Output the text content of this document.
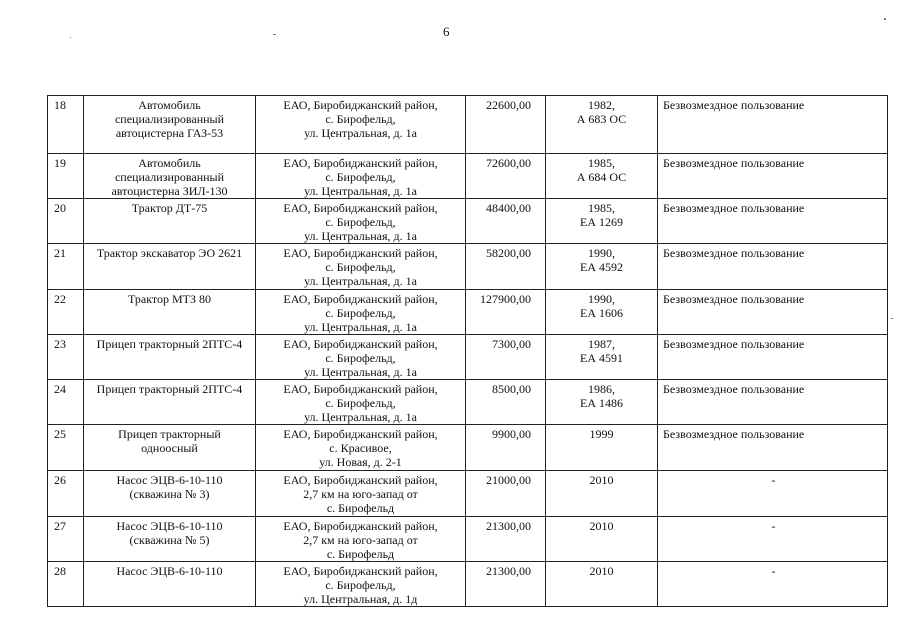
6
18	Автомобиль
специализированный
автоцистерна ГАЗ-53	ЕАО, Биробиджанский район,
с. Бирофельд,
ул. Центральная, д. 1а	22600,00	1982,
А 683 ОС	Безвозмездное пользование
19	Автомобиль
специализированный
автоцистерна ЗИЛ-130	ЕАО, Биробиджанский район,
с. Бирофельд,
ул. Центральная, д. 1а	72600,00	1985,
А 684 ОС	Безвозмездное пользование
20	Трактор ДТ-75	ЕАО, Биробиджанский район,
с. Бирофельд,
ул. Центральная, д. 1а	48400,00	1985,
ЕА 1269	Безвозмездное пользование
21	Трактор экскаватор ЭО 2621	ЕАО, Биробиджанский район,
с. Бирофельд,
ул. Центральная, д. 1а	58200,00	1990,
ЕА 4592	Безвозмездное пользование
22	Трактор МТЗ 80	ЕАО, Биробиджанский район,
с. Бирофельд,
ул. Центральная, д. 1а	127900,00	1990,
ЕА 1606	Безвозмездное пользование
23	Прицеп тракторный 2ПТС-4	ЕАО, Биробиджанский район,
с. Бирофельд,
ул. Центральная, д. 1а	7300,00	1987,
ЕА 4591	Безвозмездное пользование
24	Прицеп тракторный 2ПТС-4	ЕАО, Биробиджанский район,
с. Бирофельд,
ул. Центральная, д. 1а	8500,00	1986,
ЕА 1486	Безвозмездное пользование
25	Прицеп тракторный
одноосный	ЕАО, Биробиджанский район,
с. Красивое,
ул. Новая, д. 2-1	9900,00	1999	Безвозмездное пользование
26	Насос ЭЦВ-6-10-110
(скважина № 3)	ЕАО, Биробиджанский район,
2,7 км на юго-запад от
с. Бирофельд	21000,00	2010	-
27	Насос ЭЦВ-6-10-110
(скважина № 5)	ЕАО, Биробиджанский район,
2,7 км на юго-запад от
с. Бирофельд	21300,00	2010	-
28	Насос ЭЦВ-6-10-110	ЕАО, Биробиджанский район,
с. Бирофельд,
ул. Центральная, д. 1д	21300,00	2010	-
